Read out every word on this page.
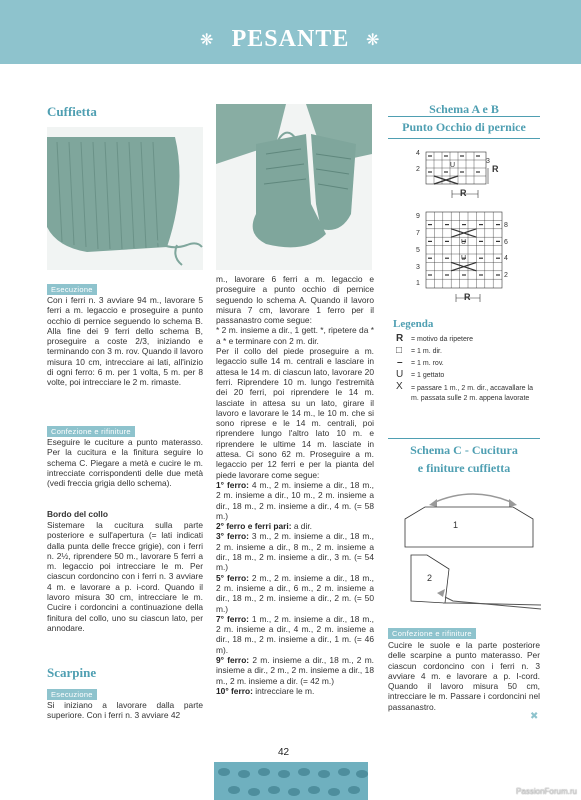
❋ PESANTE	❋
Cuffietta
Esecuzione
Con i ferri n. 3 avviare 94 m., lavorare 5 ferri a m. legaccio e proseguire a punto occhio di pernice seguendo lo schema B. Alla fine dei 9 ferri dello schema B, proseguire a coste 2/3, iniziando e terminando con 3 m. rov. Quando il lavoro misura 10 cm, intrecciare ai lati, all'inizio di ogni ferro: 6 m. per 1 volta, 5 m. per 8 volte, poi intrecciare le 2 m. rimaste.
Confezione e rifiniture
Eseguire le cuciture a punto materasso. Per la cucitura e la finitura seguire lo schema C. Piegare a metà e cucire le m. intrecciate corrispondenti delle due metà (vedi freccia grigia dello schema).
Bordo del collo
Sistemare la cucitura sulla parte posteriore e sull'apertura (= lati indicati dalla punta delle frecce grigie), con i ferri n. 2½, riprendere 50 m., lavorare 5 ferri a m. legaccio poi intrecciare le m. Per ciascun cordoncino con i ferri n. 3 avviare 4 m. e lavorare a p. i-cord. Quando il lavoro misura 30 cm, intrecciare le m. Cucire i cordoncini a continuazione della finitura del collo, uno su ciascun lato, per annodare.
Scarpine
Esecuzione
Si iniziano a lavorare dalla parte superiore. Con i ferri n. 3 avviare 42

m., lavorare 6 ferri a m. legaccio e proseguire a punto occhio di pernice seguendo lo schema A. Quando il lavoro misura 7 cm, lavorare 1 ferro per il passanastro come segue:

* 2 m. insieme a dir., 1 gett. *, ripetere da * a * e terminare con 2 m. dir.

Per il collo del piede proseguire a m. legaccio sulle 14 m. centrali e lasciare in attesa le 14 m. di ciascun lato, lavorare 20 ferri. Riprendere 10 m. lungo l'estremità dei 20 ferri, poi riprendere le 14 m. lasciate in attesa su un lato, girare il lavoro e lavorare le 14 m., le 10 m. che si sono riprese e le 14 m. centrali, poi riprendere lungo l'altro lato 10 m. e riprendere le ultime 14 m. lasciate in attesa. Ci sono 62 m. Proseguire a m. legaccio per 12 ferri e per la pianta del piede lavorare come segue:

1° ferro: 4 m., 2 m. insieme a dir., 18 m., 2 m. insieme a dir., 10 m., 2 m. insieme a dir., 18 m., 2 m. insieme a dir., 4 m. (= 58 m.)

2° ferro e ferri pari: a dir.

3° ferro: 3 m., 2 m. insieme a dir., 18 m., 2 m. insieme a dir., 8 m., 2 m. insieme a dir., 18 m., 2 m. insieme a dir., 3 m. (= 54 m.)

5° ferro: 2 m., 2 m. insieme a dir., 18 m., 2 m. insieme a dir., 6 m., 2 m. insieme a dir., 18 m., 2 m. insieme a dir., 2 m. (= 50 m.)

7° ferro: 1 m., 2 m. insieme a dir., 18 m., 2 m. insieme a dir., 4 m., 2 m. insieme a dir., 18 m., 2 m. insieme a dir., 1 m. (= 46 m).

9° ferro: 2 m. insieme a dir., 18 m., 2 m. insieme a dir., 2 m., 2 m. insieme a dir., 18 m., 2 m. insieme a dir. (= 42 m.)

10° ferro: intrecciare le m.

Schema A e B
Punto Occhio di pernice
U
4
2
3
R
R
U
U
9
7
5
3
1
8
6
4
2
R
Legenda
R = motivo da ripetere
□ = 1 m. dir.
– = 1 m. rov.
U = 1 gettato
X = passare 1 m., 2 m. dir., accavallare la m. passata sulle 2 m. appena lavorate
Schema C - Cucitura
e finiture cuffietta
1
2
Confezione e rifiniture
Cucire le suole e la parte posteriore delle scarpine a punto materasso. Per ciascun cordoncino con i ferri n. 3 avviare 4 m. e lavorare a p. I-cord. Quando il lavoro misura 50 cm, intrecciare le m. Passare i cordoncini nel passanastro.
✖
42
PassionForum.ru
